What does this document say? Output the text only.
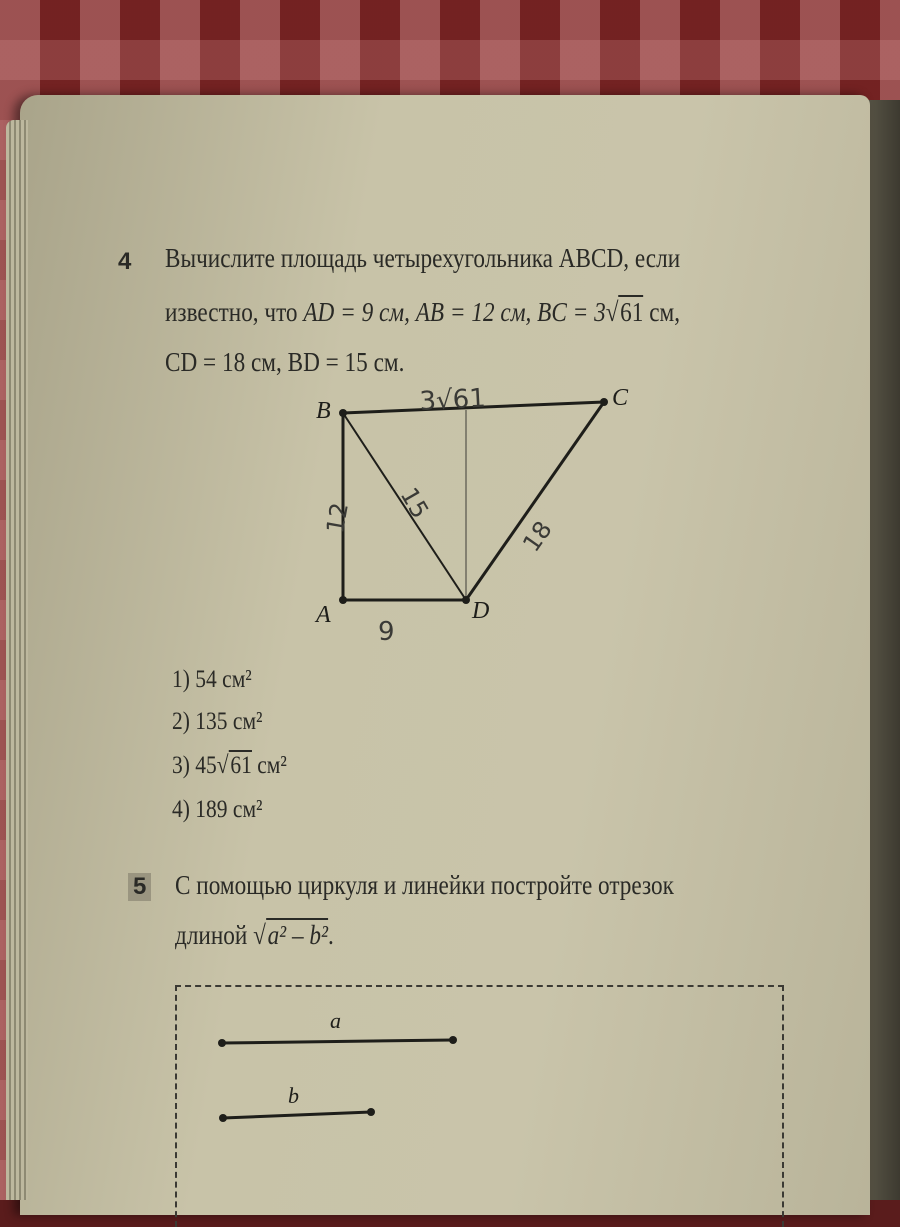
4 Вычислите площадь четырехугольника ABCD, если
известно, что AD = 9 см, AB = 12 см, BC = 3√61 см,
CD = 18 см, BD = 15 см.
B	C
A	D
3√61
12 15
18
9
a
b
1) 54 см²
2) 135 см²
3) 45√61 см²
4) 189 см²
5 С помощью циркуля и линейки постройте отрезок
длиной √a² – b².
